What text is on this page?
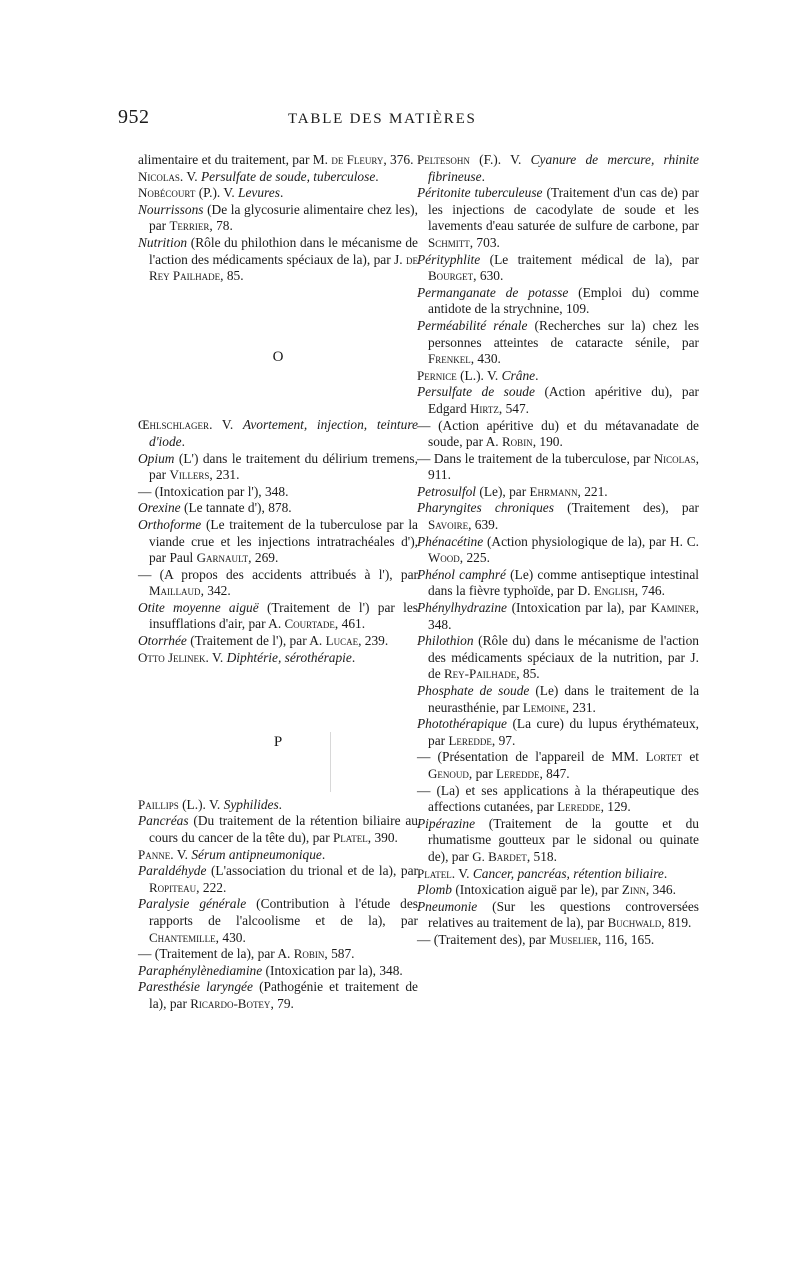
952	TABLE DES MATIÈRES

alimentaire et du traitement, par M. de Fleury, 376.

Nicolas. V. Persulfate de soude, tuberculose.

Nobécourt (P.). V. Levures.

Nourrissons (De la glycosurie alimentaire chez les), par Terrier, 78.

Nutrition (Rôle du philothion dans le mécanisme de l'action des médicaments spéciaux de la), par J. de Rey Pailhade, 85.

O

Œhlschlager. V. Avortement, injection, teinture d'iode.

Opium (L') dans le traitement du délirium tremens, par Villers, 231.

— (Intoxication par l'), 348.

Orexine (Le tannate d'), 878.

Orthoforme (Le traitement de la tuberculose par la viande crue et les injections intratrachéales d'), par Paul Garnault, 269.

— (A propos des accidents attribués à l'), par Maillaud, 342.

Otite moyenne aiguë (Traitement de l') par les insufflations d'air, par A. Courtade, 461.

Otorrhée (Traitement de l'), par A. Lucae, 239.

Otto Jelinek. V. Diphtérie, sérothérapie.

P

Paillips (L.). V. Syphilides.

Pancréas (Du traitement de la rétention biliaire au cours du cancer de la tête du), par Platel, 390.

Panne. V. Sérum antipneumonique.

Paraldéhyde (L'association du trional et de la), par Ropiteau, 222.

Paralysie générale (Contribution à l'étude des rapports de l'alcoolisme et de la), par Chantemille, 430.

— (Traitement de la), par A. Robin, 587.

Paraphénylènediamine (Intoxication par la), 348.

Paresthésie laryngée (Pathogénie et traitement de la), par Ricardo-Botey, 79.

Peltesohn (F.). V. Cyanure de mercure, rhinite fibrineuse.

Péritonite tuberculeuse (Traitement d'un cas de) par les injections de cacodylate de soude et les lavements d'eau saturée de sulfure de carbone, par Schmitt, 703.

Pérityphlite (Le traitement médical de la), par Bourget, 630.

Permanganate de potasse (Emploi du) comme antidote de la strychnine, 109.

Perméabilité rénale (Recherches sur la) chez les personnes atteintes de cataracte sénile, par Frenkel, 430.

Pernice (L.). V. Crâne.

Persulfate de soude (Action apéritive du), par Edgard Hirtz, 547.

— (Action apéritive du) et du métavanadate de soude, par A. Robin, 190.

— Dans le traitement de la tuberculose, par Nicolas, 911.

Petrosulfol (Le), par Ehrmann, 221.

Pharyngites chroniques (Traitement des), par Savoire, 639.

Phénacétine (Action physiologique de la), par H. C. Wood, 225.

Phénol camphré (Le) comme antiseptique intestinal dans la fièvre typhoïde, par D. English, 746.

Phénylhydrazine (Intoxication par la), par Kaminer, 348.

Philothion (Rôle du) dans le mécanisme de l'action des médicaments spéciaux de la nutrition, par J. de Rey-Pailhade, 85.

Phosphate de soude (Le) dans le traitement de la neurasthénie, par Lemoine, 231.

Photothérapique (La cure) du lupus érythémateux, par Leredde, 97.

— (Présentation de l'appareil de MM. Lortet et Genoud, par Leredde, 847.

— (La) et ses applications à la thérapeutique des affections cutanées, par Leredde, 129.

Pipérazine (Traitement de la goutte et du rhumatisme goutteux par le sidonal ou quinate de), par G. Bardet, 518.

Platel. V. Cancer, pancréas, rétention biliaire.

Plomb (Intoxication aiguë par le), par Zinn, 346.

Pneumonie (Sur les questions controversées relatives au traitement de la), par Buchwald, 819.

— (Traitement des), par Muselier, 116, 165.
